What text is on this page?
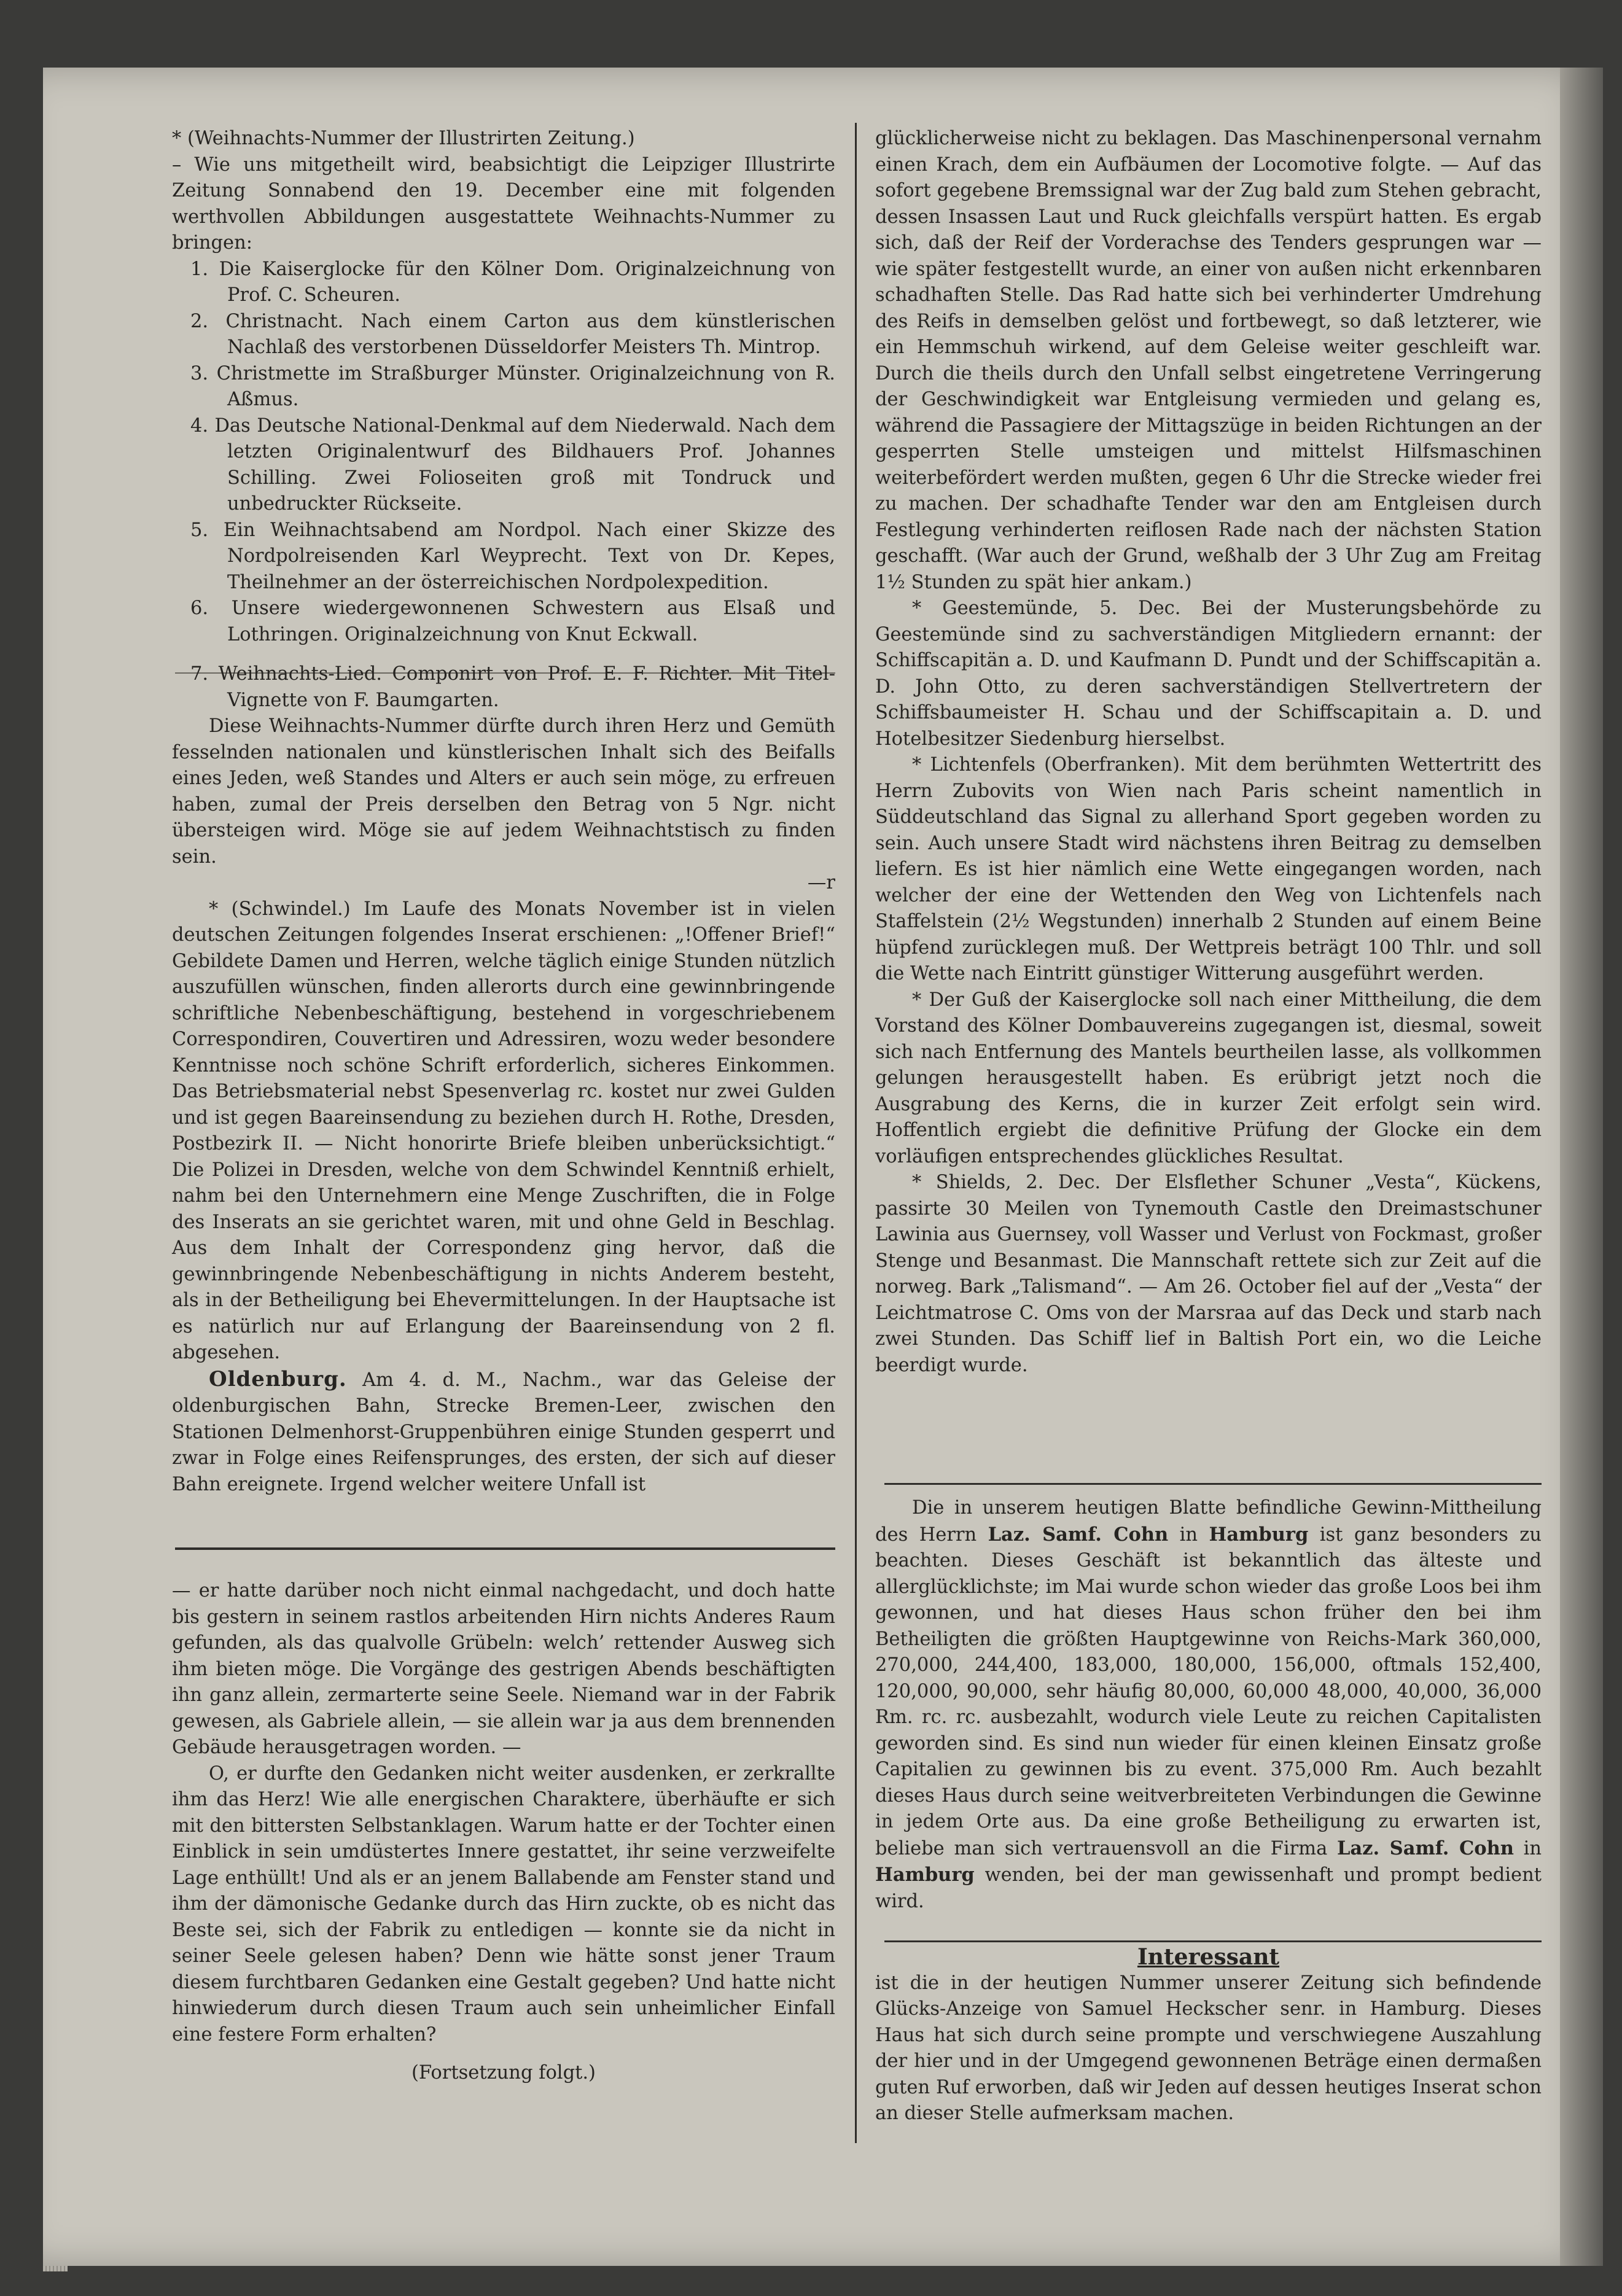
* (Weihnachts-Nummer der Illustrirten Zeitung.)

– Wie uns mitgetheilt wird, beabsichtigt die Leipziger Illustrirte Zeitung Sonnabend den 19. December eine mit folgenden werthvollen Abbildungen ausgestattete Weihnachts-Nummer zu bringen:

1. Die Kaiserglocke für den Kölner Dom. Originalzeichnung von Prof. C. Scheuren.

2. Christnacht. Nach einem Carton aus dem künstlerischen Nachlaß des verstorbenen Düsseldorfer Meisters Th. Mintrop.

3. Christmette im Straßburger Münster. Originalzeichnung von R. Aßmus.

4. Das Deutsche National-Denkmal auf dem Niederwald. Nach dem letzten Originalentwurf des Bildhauers Prof. Johannes Schilling. Zwei Folioseiten groß mit Tondruck und unbedruckter Rückseite.

5. Ein Weihnachtsabend am Nordpol. Nach einer Skizze des Nordpolreisenden Karl Weyprecht. Text von Dr. Kepes, Theilnehmer an der österreichischen Nordpolexpedition.

6. Unsere wiedergewonnenen Schwestern aus Elsaß und Lothringen. Originalzeichnung von Knut Eckwall.

7. Weihnachts-Lied. Componirt von Prof. E. F. Richter. Mit Titel-Vignette von F. Baumgarten.

Diese Weihnachts-Nummer dürfte durch ihren Herz und Gemüth fesselnden nationalen und künstlerischen Inhalt sich des Beifalls eines Jeden, weß Standes und Alters er auch sein möge, zu erfreuen haben, zumal der Preis derselben den Betrag von 5 Ngr. nicht übersteigen wird. Möge sie auf jedem Weihnachtstisch zu finden sein.

—r

* (Schwindel.) Im Laufe des Monats November ist in vielen deutschen Zeitungen folgendes Inserat erschienen: „!Offener Brief!“ Gebildete Damen und Herren, welche täglich einige Stunden nützlich auszufüllen wünschen, finden allerorts durch eine gewinnbringende schriftliche Nebenbeschäftigung, bestehend in vorgeschriebenem Correspondiren, Couvertiren und Adressiren, wozu weder besondere Kenntnisse noch schöne Schrift erforderlich, sicheres Einkommen. Das Betriebsmaterial nebst Spesenverlag rc. kostet nur zwei Gulden und ist gegen Baareinsendung zu beziehen durch H. Rothe, Dresden, Postbezirk II. — Nicht honorirte Briefe bleiben unberücksichtigt.“ Die Polizei in Dresden, welche von dem Schwindel Kenntniß erhielt, nahm bei den Unternehmern eine Menge Zuschriften, die in Folge des Inserats an sie gerichtet waren, mit und ohne Geld in Beschlag. Aus dem Inhalt der Correspondenz ging hervor, daß die gewinnbringende Nebenbeschäftigung in nichts Anderem besteht, als in der Betheiligung bei Ehevermittelungen. In der Hauptsache ist es natürlich nur auf Erlangung der Baareinsendung von 2 fl. abgesehen.

Oldenburg. Am 4. d. M., Nachm., war das Geleise der oldenburgischen Bahn, Strecke Bremen-Leer, zwischen den Stationen Delmenhorst-Gruppenbühren einige Stunden gesperrt und zwar in Folge eines Reifensprunges, des ersten, der sich auf dieser Bahn ereignete. Irgend welcher weitere Unfall ist

glücklicherweise nicht zu beklagen. Das Maschinenpersonal vernahm einen Krach, dem ein Aufbäumen der Locomotive folgte. — Auf das sofort gegebene Bremssignal war der Zug bald zum Stehen gebracht, dessen Insassen Laut und Ruck gleichfalls verspürt hatten. Es ergab sich, daß der Reif der Vorderachse des Tenders gesprungen war — wie später festgestellt wurde, an einer von außen nicht erkennbaren schadhaften Stelle. Das Rad hatte sich bei verhinderter Umdrehung des Reifs in demselben gelöst und fortbewegt, so daß letzterer, wie ein Hemmschuh wirkend, auf dem Geleise weiter geschleift war. Durch die theils durch den Unfall selbst eingetretene Verringerung der Geschwindigkeit war Entgleisung vermieden und gelang es, während die Passagiere der Mittagszüge in beiden Richtungen an der gesperrten Stelle umsteigen und mittelst Hilfsmaschinen weiterbefördert werden mußten, gegen 6 Uhr die Strecke wieder frei zu machen. Der schadhafte Tender war den am Entgleisen durch Festlegung verhinderten reiflosen Rade nach der nächsten Station geschafft. (War auch der Grund, weßhalb der 3 Uhr Zug am Freitag 1½ Stunden zu spät hier ankam.)

* Geestemünde, 5. Dec. Bei der Musterungsbehörde zu Geestemünde sind zu sachverständigen Mitgliedern ernannt: der Schiffscapitän a. D. und Kaufmann D. Pundt und der Schiffscapitän a. D. John Otto, zu deren sachverständigen Stellvertretern der Schiffsbaumeister H. Schau und der Schiffscapitain a. D. und Hotelbesitzer Siedenburg hierselbst.

* Lichtenfels (Oberfranken). Mit dem berühmten Wettertritt des Herrn Zubovits von Wien nach Paris scheint namentlich in Süddeutschland das Signal zu allerhand Sport gegeben worden zu sein. Auch unsere Stadt wird nächstens ihren Beitrag zu demselben liefern. Es ist hier nämlich eine Wette eingegangen worden, nach welcher der eine der Wettenden den Weg von Lichtenfels nach Staffelstein (2½ Wegstunden) innerhalb 2 Stunden auf einem Beine hüpfend zurücklegen muß. Der Wettpreis beträgt 100 Thlr. und soll die Wette nach Eintritt günstiger Witterung ausgeführt werden.

* Der Guß der Kaiserglocke soll nach einer Mittheilung, die dem Vorstand des Kölner Dombauvereins zugegangen ist, diesmal, soweit sich nach Entfernung des Mantels beurtheilen lasse, als vollkommen gelungen herausgestellt haben. Es erübrigt jetzt noch die Ausgrabung des Kerns, die in kurzer Zeit erfolgt sein wird. Hoffentlich ergiebt die definitive Prüfung der Glocke ein dem vorläufigen entsprechendes glückliches Resultat.

* Shields, 2. Dec. Der Elsflether Schuner „Vesta“, Kückens, passirte 30 Meilen von Tynemouth Castle den Dreimastschuner Lawinia aus Guernsey, voll Wasser und Verlust von Fockmast, großer Stenge und Besanmast. Die Mannschaft rettete sich zur Zeit auf die norweg. Bark „Talismand“. — Am 26. October fiel auf der „Vesta“ der Leichtmatrose C. Oms von der Marsraa auf das Deck und starb nach zwei Stunden. Das Schiff lief in Baltish Port ein, wo die Leiche beerdigt wurde.

— er hatte darüber noch nicht einmal nachgedacht, und doch hatte bis gestern in seinem rastlos arbeitenden Hirn nichts Anderes Raum gefunden, als das qualvolle Grübeln: welch’ rettender Ausweg sich ihm bieten möge. Die Vorgänge des gestrigen Abends beschäftigten ihn ganz allein, zermarterte seine Seele. Niemand war in der Fabrik gewesen, als Gabriele allein, — sie allein war ja aus dem brennenden Gebäude herausgetragen worden. —

O, er durfte den Gedanken nicht weiter ausdenken, er zerkrallte ihm das Herz! Wie alle energischen Charaktere, überhäufte er sich mit den bittersten Selbstanklagen. Warum hatte er der Tochter einen Einblick in sein umdüstertes Innere gestattet, ihr seine verzweifelte Lage enthüllt! Und als er an jenem Ballabende am Fenster stand und ihm der dämonische Gedanke durch das Hirn zuckte, ob es nicht das Beste sei, sich der Fabrik zu entledigen — konnte sie da nicht in seiner Seele gelesen haben? Denn wie hätte sonst jener Traum diesem furchtbaren Gedanken eine Gestalt gegeben? Und hatte nicht hinwiederum durch diesen Traum auch sein unheimlicher Einfall eine festere Form erhalten?

(Fortsetzung folgt.)

Die in unserem heutigen Blatte befindliche Gewinn-Mittheilung des Herrn Laz. Samf. Cohn in Hamburg ist ganz besonders zu beachten. Dieses Geschäft ist bekanntlich das älteste und allerglücklichste; im Mai wurde schon wieder das große Loos bei ihm gewonnen, und hat dieses Haus schon früher den bei ihm Betheiligten die größten Hauptgewinne von Reichs-Mark 360,000, 270,000, 244,400, 183,000, 180,000, 156,000, oftmals 152,400, 120,000, 90,000, sehr häufig 80,000, 60,000 48,000, 40,000, 36,000 Rm. rc. rc. ausbezahlt, wodurch viele Leute zu reichen Capitalisten geworden sind. Es sind nun wieder für einen kleinen Einsatz große Capitalien zu gewinnen bis zu event. 375,000 Rm. Auch bezahlt dieses Haus durch seine weitverbreiteten Verbindungen die Gewinne in jedem Orte aus. Da eine große Betheiligung zu erwarten ist, beliebe man sich vertrauensvoll an die Firma Laz. Samf. Cohn in Hamburg wenden, bei der man gewissenhaft und prompt bedient wird.

Interessant

ist die in der heutigen Nummer unserer Zeitung sich befindende Glücks-Anzeige von Samuel Heckscher senr. in Hamburg. Dieses Haus hat sich durch seine prompte und verschwiegene Auszahlung der hier und in der Umgegend gewonnenen Beträge einen dermaßen guten Ruf erworben, daß wir Jeden auf dessen heutiges Inserat schon an dieser Stelle aufmerksam machen.
